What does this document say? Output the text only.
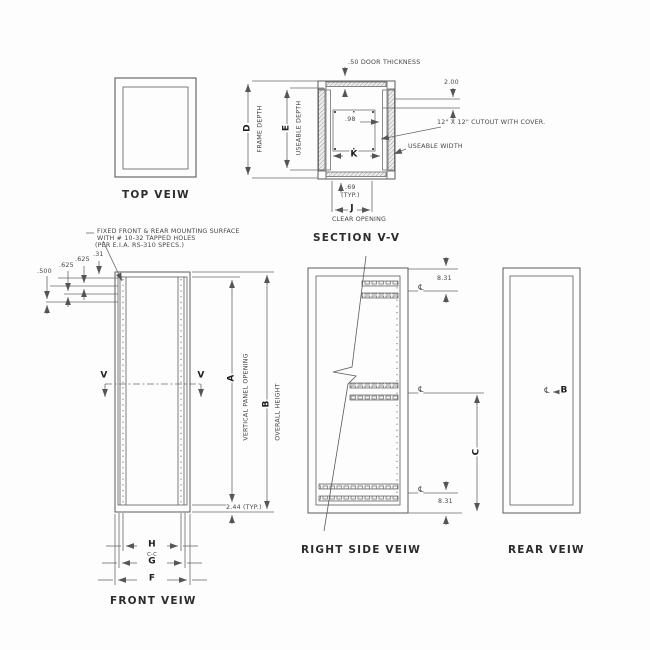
TOP VEIW
.50 DOOR THICKNESS
2.00
12" X 12" CUTOUT WITH COVER.
USEABLE WIDTH
.98
K
.69
(TYP.)
J
CLEAR OPENING
SECTION V-V
D FRAME DEPTH E USEABLE DEPTH
FIXED FRONT & REAR MOUNTING SURFACE
WITH # 10-32 TAPPED HOLES
(PER E.I.A. RS-310 SPECS.)
.500
.625
.625
.31
V	V A VERTICAL PANEL OPENING B OVERALL HEIGHT
2.44 (TYP.)
H
C-C
G
F
FRONT VEIW
8.31
℄
℄
℄
C
8.31
RIGHT SIDE VEIW
℄ B
REAR VEIW
